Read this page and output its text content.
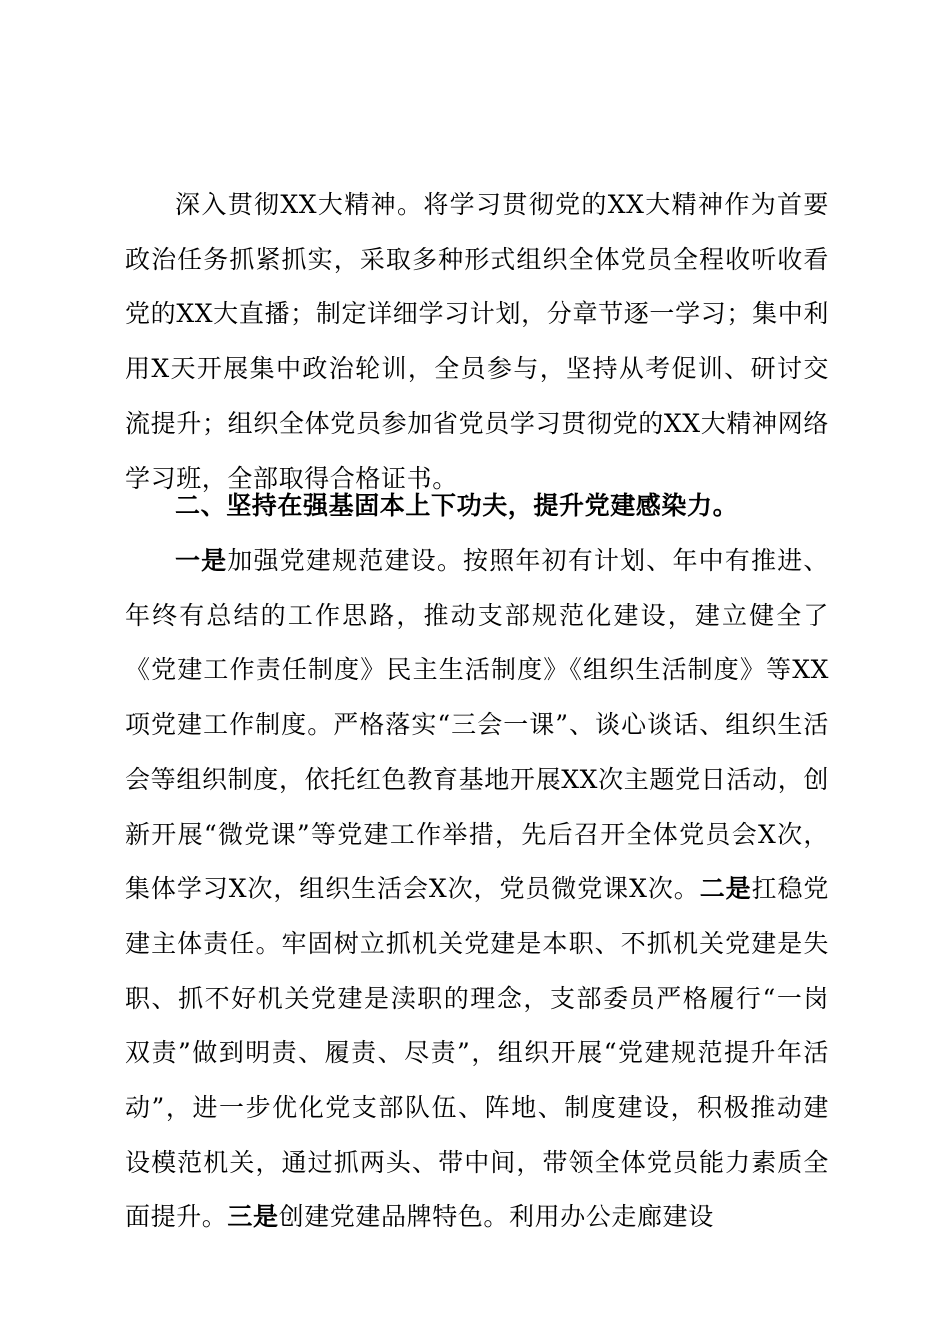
深入贯彻XX大精神。将学习贯彻党的XX大精神作为首要政治任务抓紧抓实，采取多种形式组织全体党员全程收听收看党的XX大直播；制定详细学习计划，分章节逐一学习；集中利用X天开展集中政治轮训，全员参与，坚持从考促训、研讨交流提升；组织全体党员参加省党员学习贯彻党的XX大精神网络学习班，全部取得合格证书。

二、坚持在强基固本上下功夫，提升党建感染力。

一是加强党建规范建设。按照年初有计划、年中有推进、年终有总结的工作思路，推动支部规范化建设，建立健全了《党建工作责任制度》民主生活制度》《组织生活制度》等XX项党建工作制度。严格落实“三会一课”、谈心谈话、组织生活会等组织制度，依托红色教育基地开展XX次主题党日活动，创新开展“微党课”等党建工作举措，先后召开全体党员会X次，集体学习X次，组织生活会X次，党员微党课X次。二是扛稳党建主体责任。牢固树立抓机关党建是本职、不抓机关党建是失职、抓不好机关党建是渎职的理念，支部委员严格履行“一岗双责”做到明责、履责、尽责”，组织开展“党建规范提升年活动”，进一步优化党支部队伍、阵地、制度建设，积极推动建设模范机关，通过抓两头、带中间，带领全体党员能力素质全面提升。三是创建党建品牌特色。利用办公走廊建设
